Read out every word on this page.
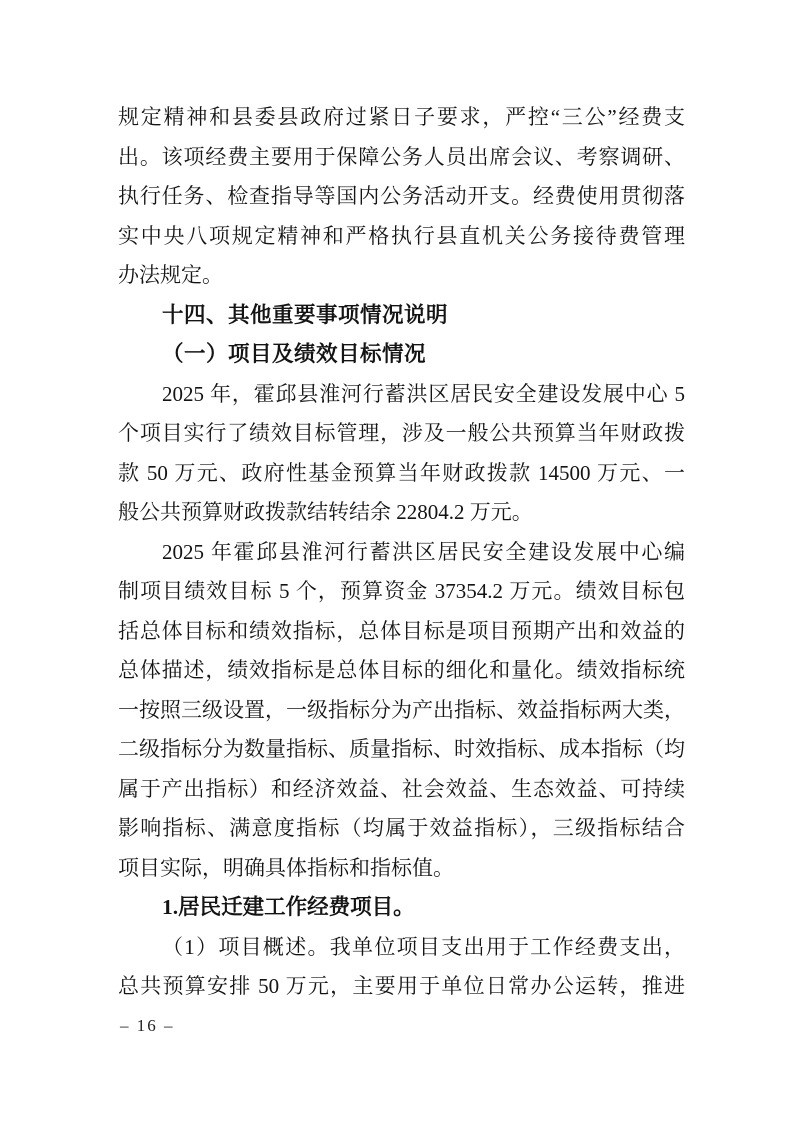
规定精神和县委县政府过紧日子要求，严控“三公”经费支
出。该项经费主要用于保障公务人员出席会议、考察调研、
执行任务、检查指导等国内公务活动开支。经费使用贯彻落
实中央八项规定精神和严格执行县直机关公务接待费管理
办法规定。
十四、其他重要事项情况说明
（一）项目及绩效目标情况
2025 年，霍邱县淮河行蓄洪区居民安全建设发展中心 5
个项目实行了绩效目标管理，涉及一般公共预算当年财政拨
款 50 万元、政府性基金预算当年财政拨款 14500 万元、一
般公共预算财政拨款结转结余 22804.2 万元。
2025 年霍邱县淮河行蓄洪区居民安全建设发展中心编
制项目绩效目标 5 个，预算资金 37354.2 万元。绩效目标包
括总体目标和绩效指标，总体目标是项目预期产出和效益的
总体描述，绩效指标是总体目标的细化和量化。绩效指标统
一按照三级设置，一级指标分为产出指标、效益指标两大类，
二级指标分为数量指标、质量指标、时效指标、成本指标（均
属于产出指标）和经济效益、社会效益、生态效益、可持续
影响指标、满意度指标（均属于效益指标），三级指标结合
项目实际，明确具体指标和指标值。
1.居民迁建工作经费项目。
（1）项目概述。我单位项目支出用于工作经费支出，
总共预算安排 50 万元，主要用于单位日常办公运转，推进
– 16 –
